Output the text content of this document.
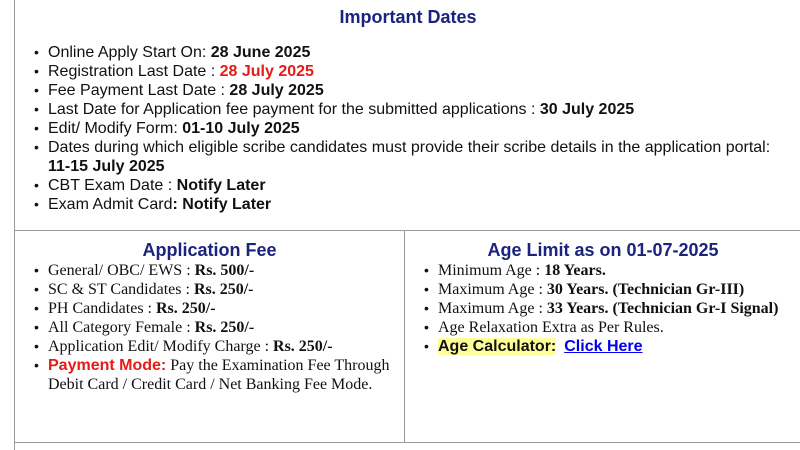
Important Dates
• Online Apply Start On: 28 June 2025
• Registration Last Date : 28 July 2025
• Fee Payment Last Date : 28 July 2025
• Last Date for Application fee payment for the submitted applications : 30 July 2025
• Edit/ Modify Form: 01-10 July 2025
• Dates during which eligible scribe candidates must provide their scribe details in the application portal: 11-15 July 2025
• CBT Exam Date : Notify Later
• Exam Admit Card: Notify Later
Application Fee
• General/ OBC/ EWS : Rs. 500/-
• SC & ST Candidates : Rs. 250/-
• PH Candidates : Rs. 250/-
• All Category Female : Rs. 250/-
• Application Edit/ Modify Charge : Rs. 250/-
• Payment Mode: Pay the Examination Fee Through Debit Card / Credit Card / Net Banking Fee Mode.
Age Limit as on 01-07-2025
• Minimum Age : 18 Years.
• Maximum Age : 30 Years. (Technician Gr-III)
• Maximum Age : 33 Years. (Technician Gr-I Signal)
• Age Relaxation Extra as Per Rules.
• Age Calculator: Click Here
